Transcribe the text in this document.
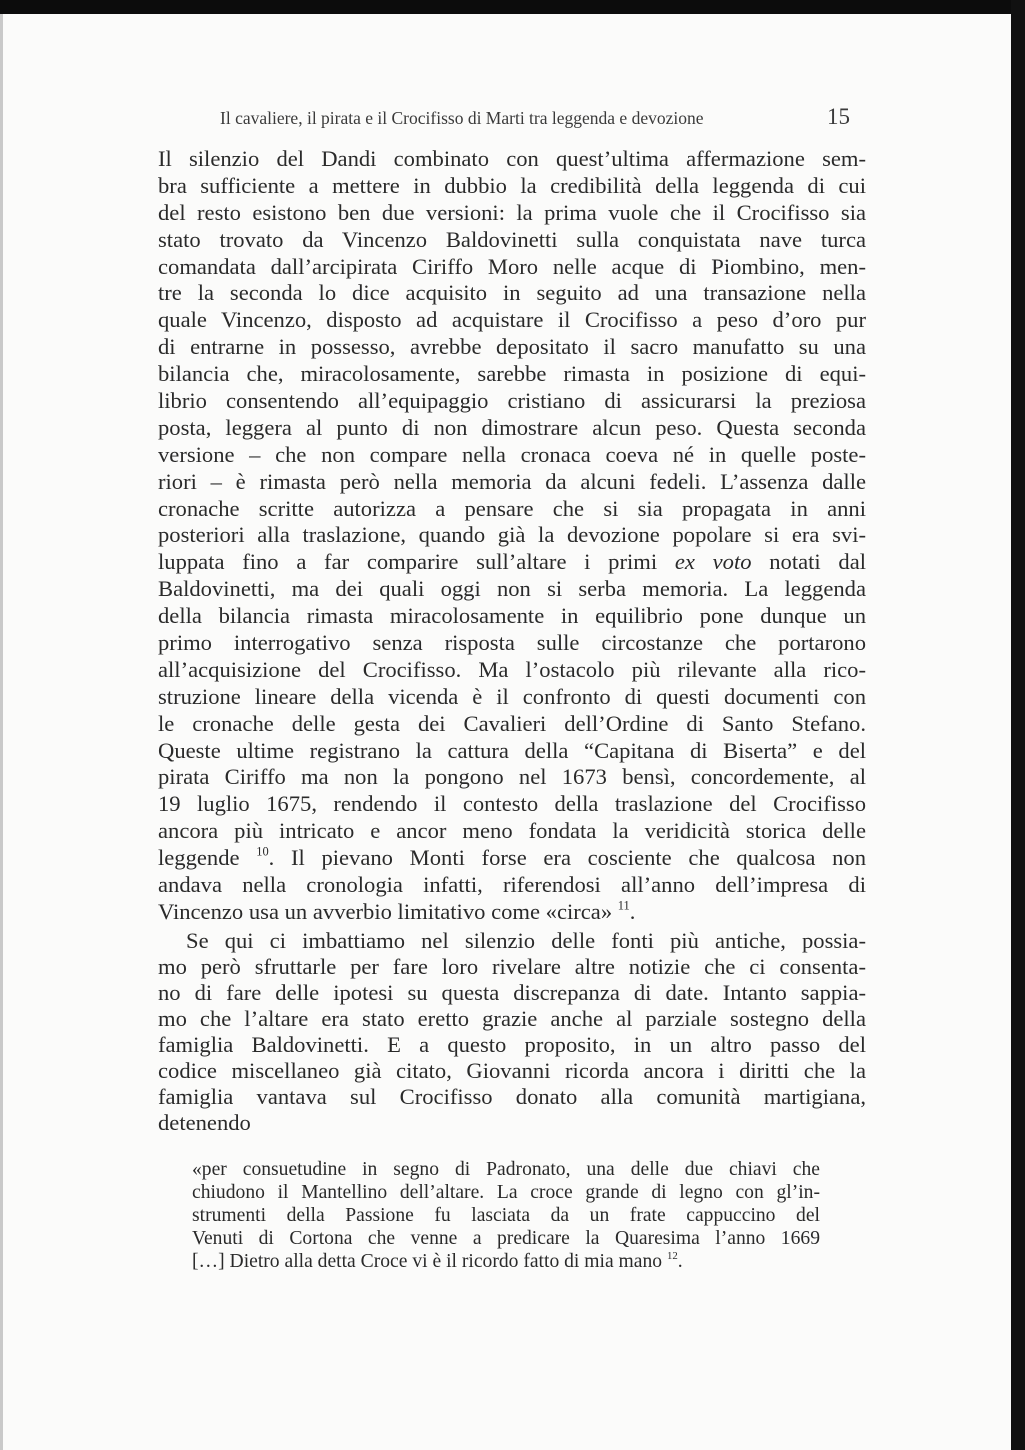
Il cavaliere, il pirata e il Crocifisso di Marti tra leggenda e devozione	15
Il silenzio del Dandi combinato con quest’ultima affermazione sem-
bra sufficiente a mettere in dubbio la credibilità della leggenda di cui
del resto esistono ben due versioni: la prima vuole che il Crocifisso sia
stato trovato da Vincenzo Baldovinetti sulla conquistata nave turca
comandata dall’arcipirata Ciriffo Moro nelle acque di Piombino, men-
tre la seconda lo dice acquisito in seguito ad una transazione nella
quale Vincenzo, disposto ad acquistare il Crocifisso a peso d’oro pur
di entrarne in possesso, avrebbe depositato il sacro manufatto su una
bilancia che, miracolosamente, sarebbe rimasta in posizione di equi-
librio consentendo all’equipaggio cristiano di assicurarsi la preziosa
posta, leggera al punto di non dimostrare alcun peso. Questa seconda
versione – che non compare nella cronaca coeva né in quelle poste-
riori – è rimasta però nella memoria da alcuni fedeli. L’assenza dalle
cronache scritte autorizza a pensare che si sia propagata in anni
posteriori alla traslazione, quando già la devozione popolare si era svi-
luppata fino a far comparire sull’altare i primi ex voto notati dal
Baldovinetti, ma dei quali oggi non si serba memoria. La leggenda
della bilancia rimasta miracolosamente in equilibrio pone dunque un
primo interrogativo senza risposta sulle circostanze che portarono
all’acquisizione del Crocifisso. Ma l’ostacolo più rilevante alla rico-
struzione lineare della vicenda è il confronto di questi documenti con
le cronache delle gesta dei Cavalieri dell’Ordine di Santo Stefano.
Queste ultime registrano la cattura della “Capitana di Biserta” e del
pirata Ciriffo ma non la pongono nel 1673 bensì, concordemente, al
19 luglio 1675, rendendo il contesto della traslazione del Crocifisso
ancora più intricato e ancor meno fondata la veridicità storica delle
leggende $^{10}$. Il pievano Monti forse era cosciente che qualcosa non
andava nella cronologia infatti, riferendosi all’anno dell’impresa di
Vincenzo usa un avverbio limitativo come «circa» $^{11}$.
Se qui ci imbattiamo nel silenzio delle fonti più antiche, possia-
mo però sfruttarle per fare loro rivelare altre notizie che ci consenta-
no di fare delle ipotesi su questa discrepanza di date. Intanto sappia-
mo che l’altare era stato eretto grazie anche al parziale sostegno della
famiglia Baldovinetti. E a questo proposito, in un altro passo del
codice miscellaneo già citato, Giovanni ricorda ancora i diritti che la
famiglia vantava sul Crocifisso donato alla comunità martigiana,
detenendo
«per consuetudine in segno di Padronato, una delle due chiavi che
chiudono il Mantellino dell’altare. La croce grande di legno con gl’in-
strumenti della Passione fu lasciata da un frate cappuccino del
Venuti di Cortona che venne a predicare la Quaresima l’anno 1669
[…] Dietro alla detta Croce vi è il ricordo fatto di mia mano $^{12}$.
